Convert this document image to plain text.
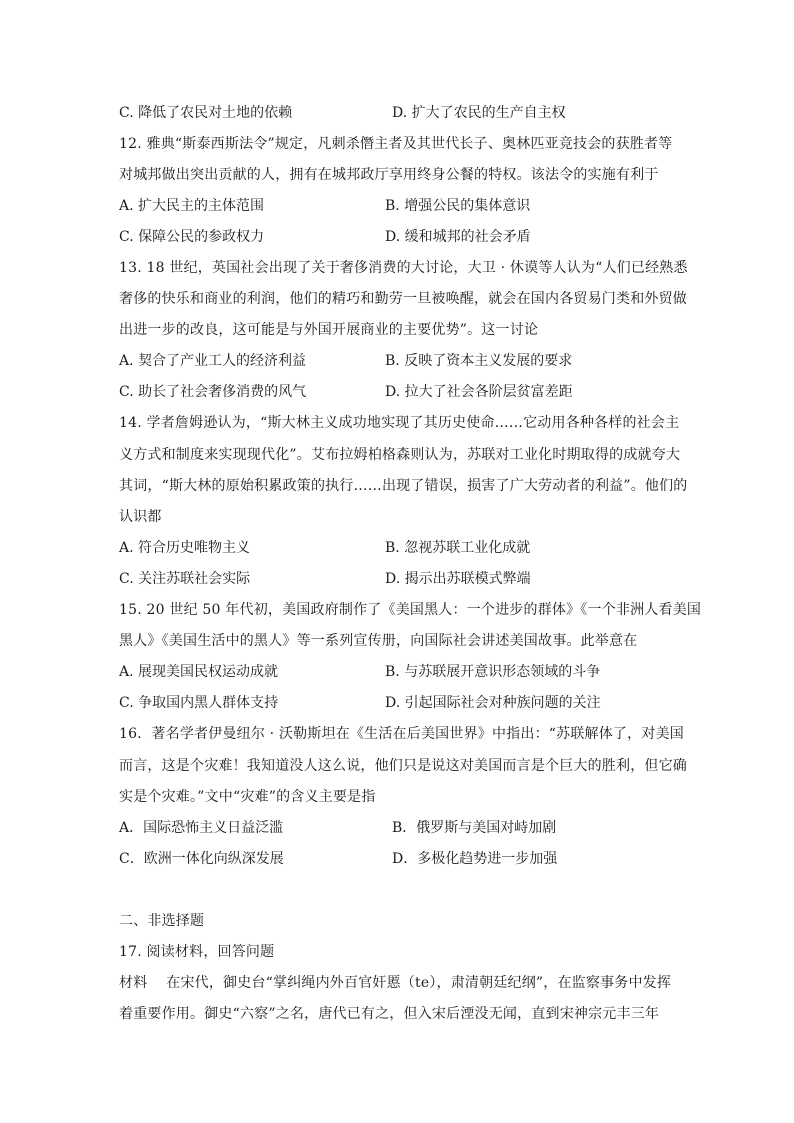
C. 降低了农民对土地的依赖	D. 扩大了农民的生产自主权
12. 雅典“斯泰西斯法令”规定，凡刺杀僭主者及其世代长子、奥林匹亚竞技会的获胜者等
对城邦做出突出贡献的人，拥有在城邦政厅享用终身公餐的特权。该法令的实施有利于
A. 扩大民主的主体范围	B. 增强公民的集体意识
C. 保障公民的参政权力	D. 缓和城邦的社会矛盾
13. 18 世纪，英国社会出现了关于奢侈消费的大讨论，大卫 · 休谟等人认为“人们已经熟悉
奢侈的快乐和商业的利润，他们的精巧和勤劳一旦被唤醒，就会在国内各贸易门类和外贸做
出进一步的改良，这可能是与外国开展商业的主要优势”。这一讨论
A. 契合了产业工人的经济利益	B. 反映了资本主义发展的要求
C. 助长了社会奢侈消费的风气	D. 拉大了社会各阶层贫富差距
14. 学者詹姆逊认为，“斯大林主义成功地实现了其历史使命……它动用各种各样的社会主
义方式和制度来实现现代化”。艾布拉姆柏格森则认为，苏联对工业化时期取得的成就夸大
其词，“斯大林的原始积累政策的执行……出现了错误，损害了广大劳动者的利益”。他们的
认识都
A. 符合历史唯物主义	B. 忽视苏联工业化成就
C. 关注苏联社会实际	D. 揭示出苏联模式弊端
15. 20 世纪 50 年代初，美国政府制作了《美国黑人：一个进步的群体》《一个非洲人看美国
黑人》《美国生活中的黑人》等一系列宣传册，向国际社会讲述美国故事。此举意在
A. 展现美国民权运动成就	B. 与苏联展开意识形态领域的斗争
C. 争取国内黑人群体支持	D. 引起国际社会对种族问题的关注
16．著名学者伊曼纽尔 · 沃勒斯坦在《生活在后美国世界》中指出：“苏联解体了，对美国
而言，这是个灾难！我知道没人这么说，他们只是说这对美国而言是个巨大的胜利，但它确
实是个灾难。”文中“灾难”的含义主要是指
A．国际恐怖主义日益泛滥	B．俄罗斯与美国对峙加剧
C．欧洲一体化向纵深发展	D．多极化趋势进一步加强
二、非选择题
17. 阅读材料，回答问题
材料　 在宋代，御史台“掌纠绳内外百官奸慝（te），肃清朝廷纪纲”，在监察事务中发挥
着重要作用。御史“六察”之名，唐代已有之，但入宋后湮没无闻，直到宋神宗元丰三年
